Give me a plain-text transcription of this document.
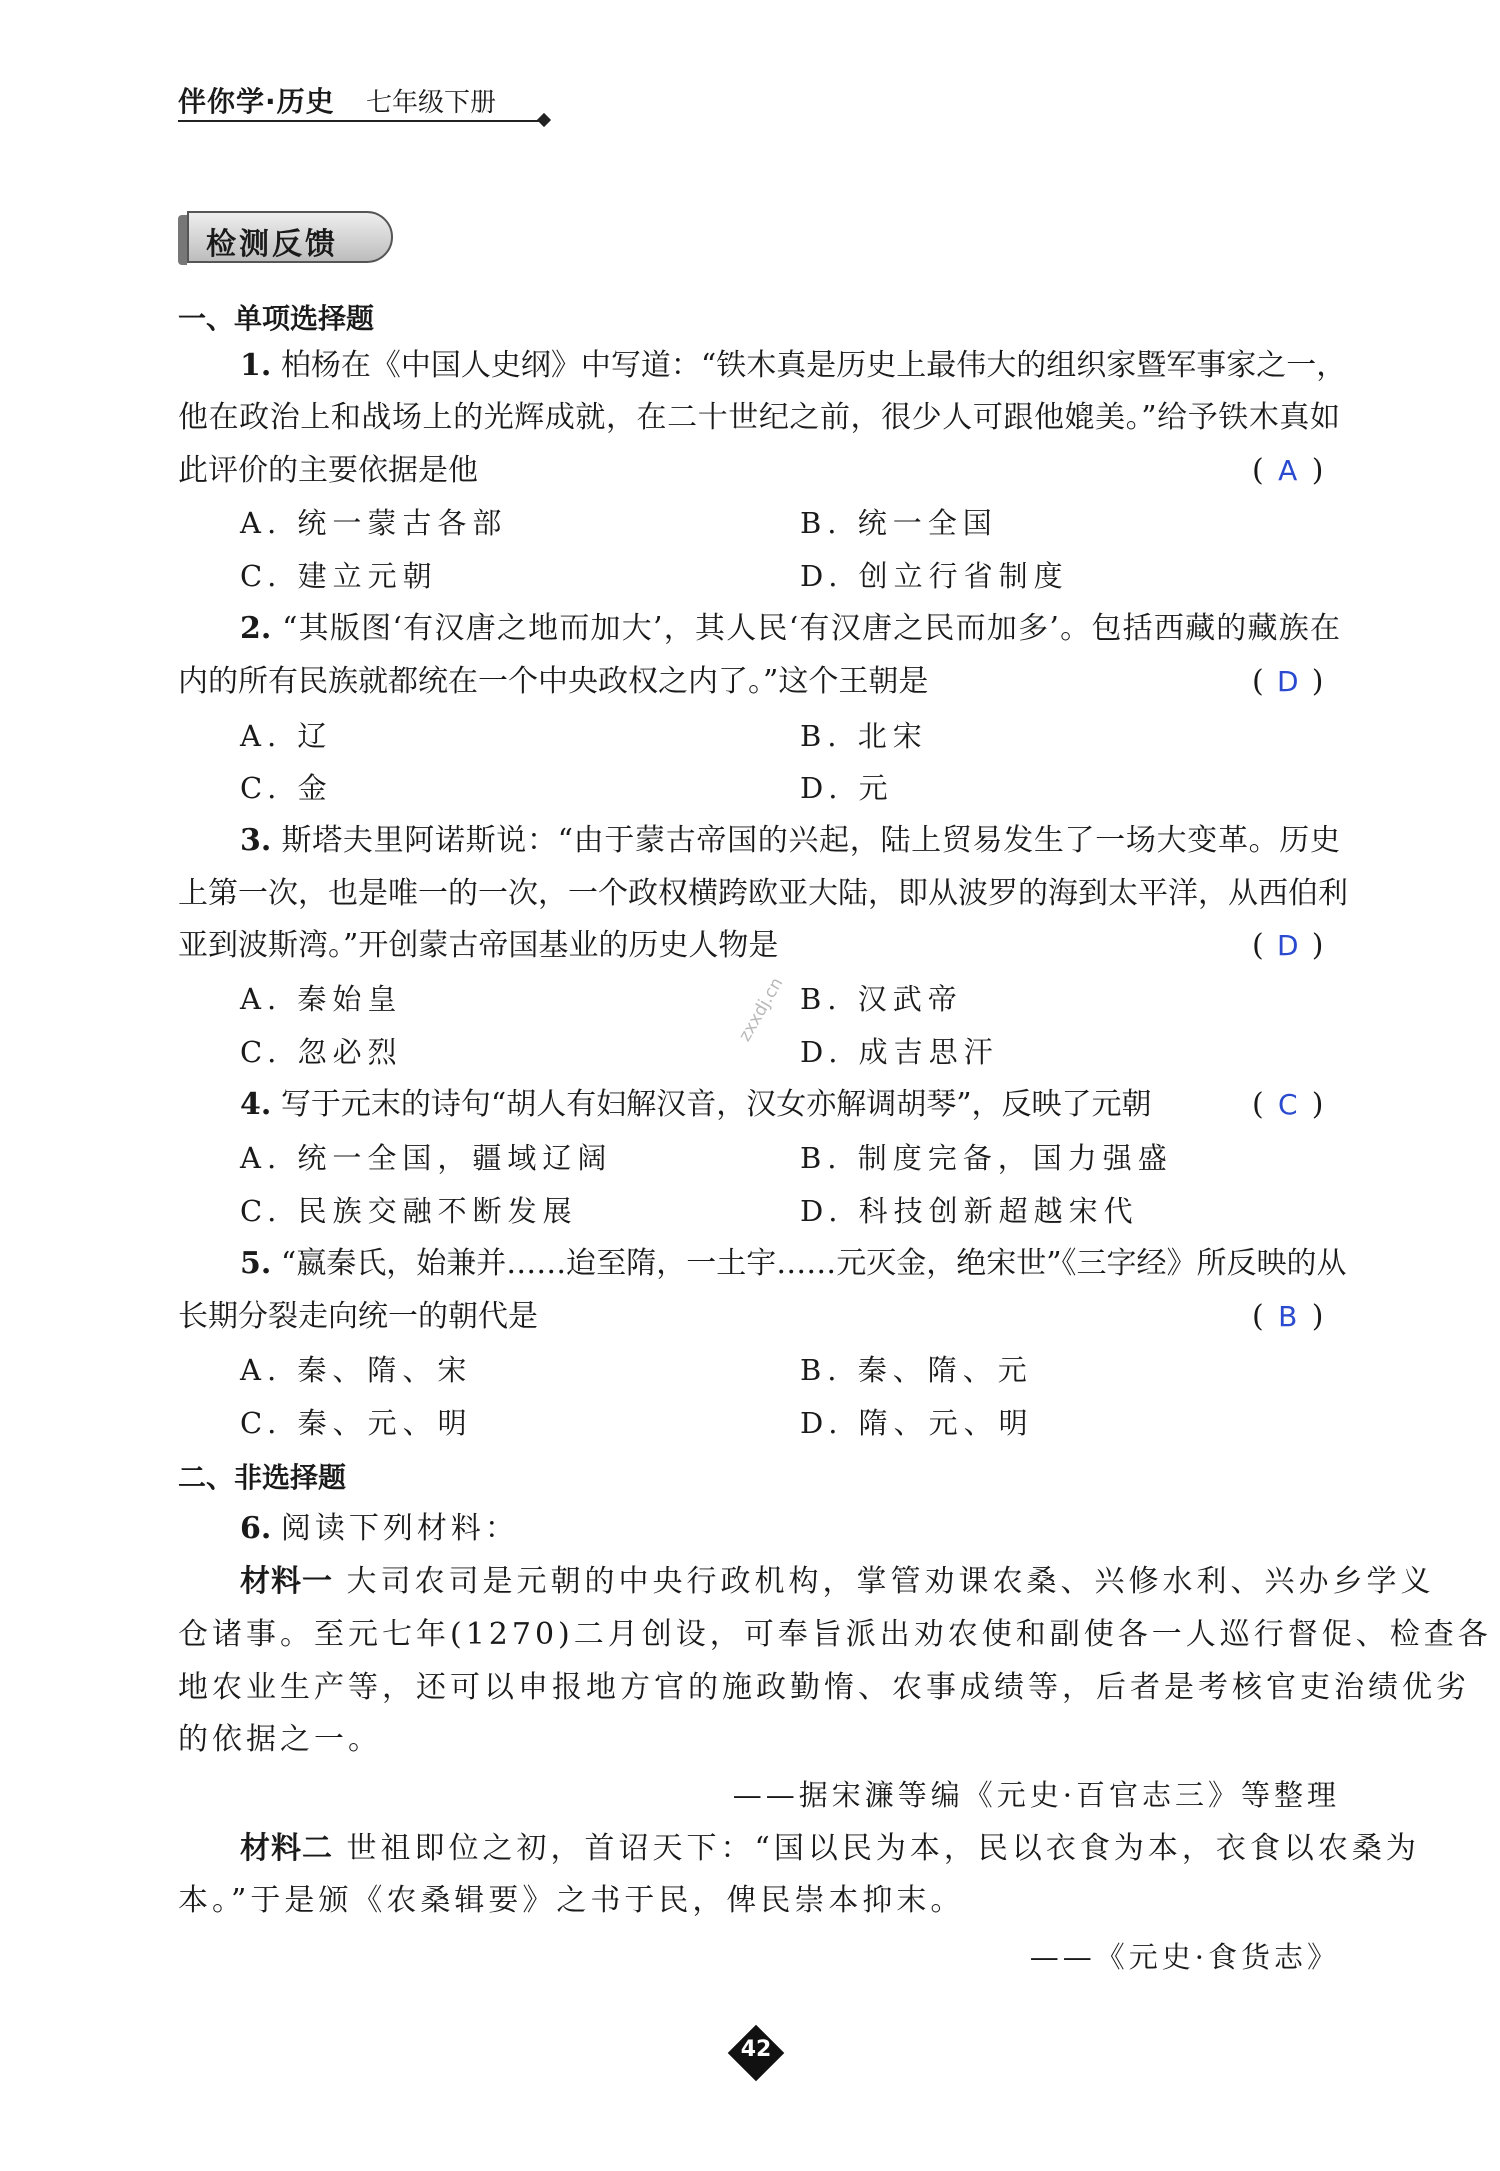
伴你学·历史 七年级下册
检测反馈
一、单项选择题
1. 柏杨在《中国人史纲》中写道：“铁木真是历史上最伟大的组织家暨军事家之一，
他在政治上和战场上的光辉成就，在二十世纪之前，很少人可跟他媲美。”给予铁木真如
此评价的主要依据是他	( A )
A. 统一蒙古各部	B. 统一全国
C. 建立元朝	D. 创立行省制度
2. “其版图‘有汉唐之地而加大’，其人民‘有汉唐之民而加多’。包括西藏的藏族在
内的所有民族就都统在一个中央政权之内了。”这个王朝是	( D )
A. 辽	B. 北宋
C. 金	D. 元
3. 斯塔夫里阿诺斯说：“由于蒙古帝国的兴起，陆上贸易发生了一场大变革。历史
上第一次，也是唯一的一次，一个政权横跨欧亚大陆，即从波罗的海到太平洋，从西伯利
亚到波斯湾。”开创蒙古帝国基业的历史人物是	( D )
A. 秦始皇	B. 汉武帝
C. 忽必烈	D. 成吉思汗
zxxdj.cn
4. 写于元末的诗句“胡人有妇解汉音，汉女亦解调胡琴”，反映了元朝	( C )
A. 统一全国，疆域辽阔	B. 制度完备，国力强盛
C. 民族交融不断发展	D. 科技创新超越宋代
5. “嬴秦氏，始兼并……迨至隋，一土宇……元灭金，绝宋世”《三字经》所反映的从
长期分裂走向统一的朝代是	( B )
A. 秦、隋、宋	B. 秦、隋、元
C. 秦、元、明	D. 隋、元、明
二、非选择题
6. 阅读下列材料：
材料一 大司农司是元朝的中央行政机构，掌管劝课农桑、兴修水利、兴办乡学义
仓诸事。至元七年(1270)二月创设，可奉旨派出劝农使和副使各一人巡行督促、检查各
地农业生产等，还可以申报地方官的施政勤惰、农事成绩等，后者是考核官吏治绩优劣
的依据之一。
——据宋濂等编《元史·百官志三》等整理
材料二 世祖即位之初，首诏天下：“国以民为本，民以衣食为本，衣食以农桑为
本。”于是颁《农桑辑要》之书于民，俾民崇本抑末。
——《元史·食货志》
42
